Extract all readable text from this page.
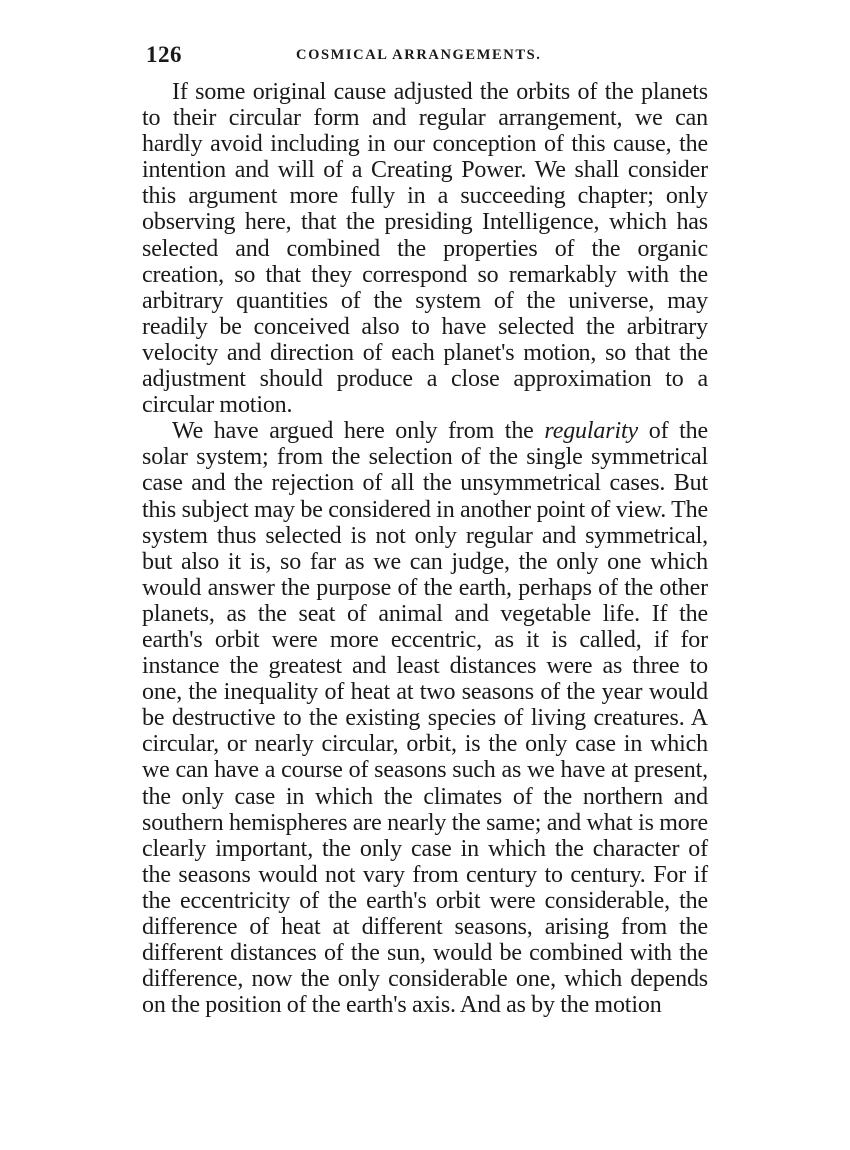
126	COSMICAL ARRANGEMENTS.

If some original cause adjusted the orbits of the planets to their circular form and regular arrangement, we can hardly avoid including in our conception of this cause, the intention and will of a Creating Power. We shall consider this argument more fully in a succeeding chapter; only observing here, that the presiding Intelligence, which has selected and combined the properties of the organic creation, so that they correspond so remarkably with the arbitrary quantities of the system of the universe, may readily be conceived also to have selected the arbitrary velocity and direction of each planet's motion, so that the adjustment should produce a close approximation to a circular motion.

We have argued here only from the regularity of the solar system; from the selection of the single symmetrical case and the rejection of all the unsymmetrical cases. But this subject may be considered in another point of view. The system thus selected is not only regular and symmetrical, but also it is, so far as we can judge, the only one which would answer the purpose of the earth, perhaps of the other planets, as the seat of animal and vegetable life. If the earth's orbit were more eccentric, as it is called, if for instance the greatest and least distances were as three to one, the inequality of heat at two seasons of the year would be destructive to the existing species of living creatures. A circular, or nearly circular, orbit, is the only case in which we can have a course of seasons such as we have at present, the only case in which the climates of the northern and southern hemispheres are nearly the same; and what is more clearly important, the only case in which the character of the seasons would not vary from century to century. For if the eccentricity of the earth's orbit were considerable, the difference of heat at different seasons, arising from the different distances of the sun, would be combined with the difference, now the only considerable one, which depends on the position of the earth's axis. And as by the motion
